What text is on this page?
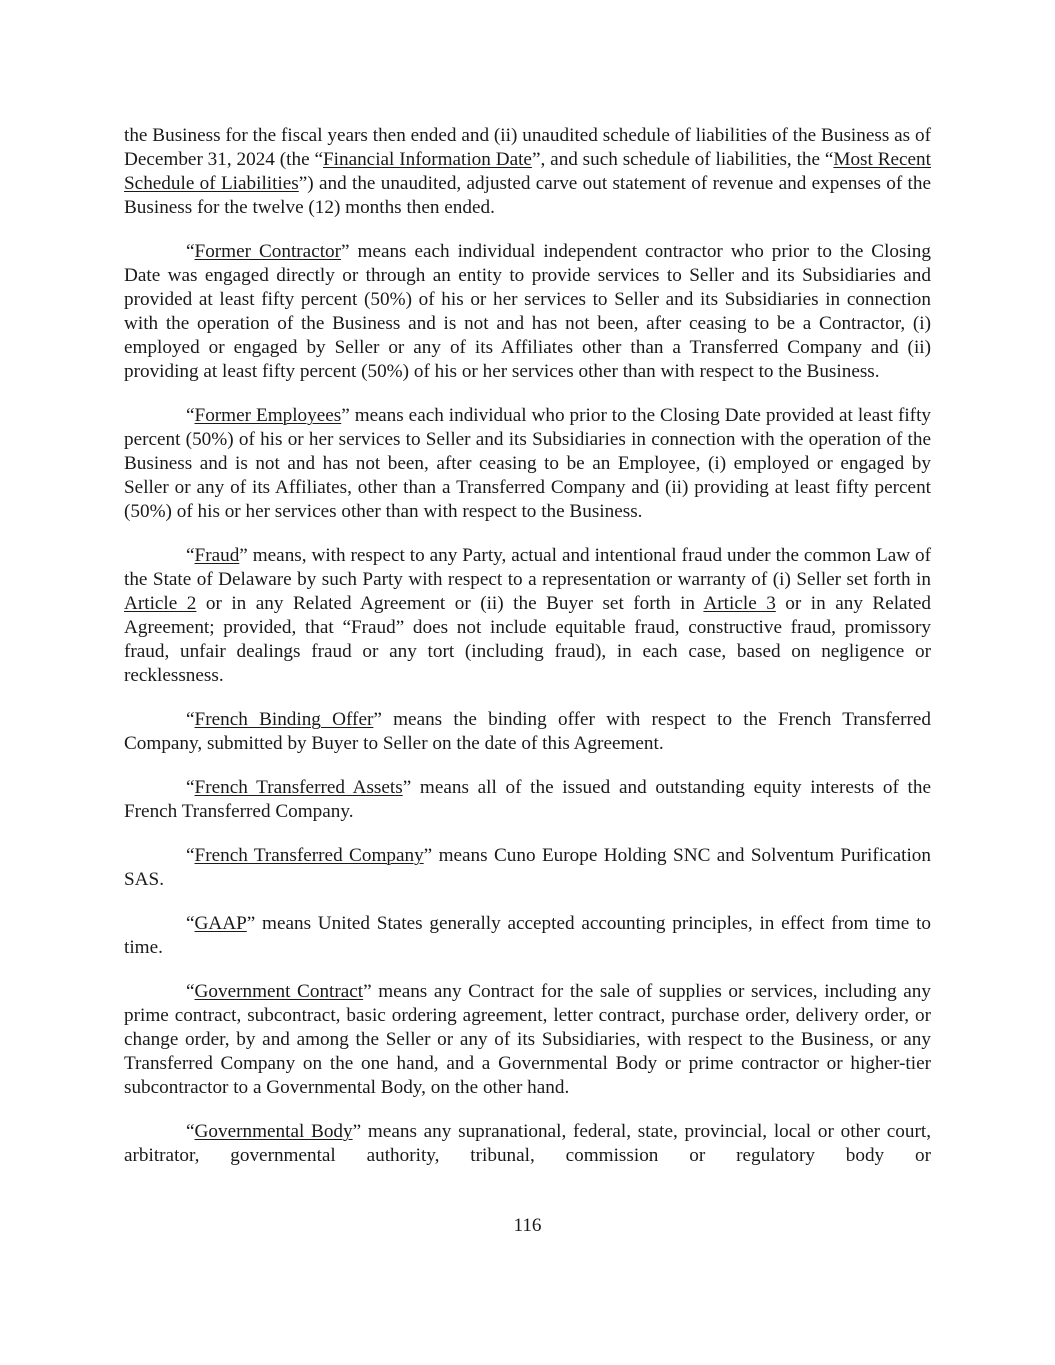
the Business for the fiscal years then ended and (ii) unaudited schedule of liabilities of the Business as of December 31, 2024 (the “Financial Information Date”, and such schedule of liabilities, the “Most Recent Schedule of Liabilities”) and the unaudited, adjusted carve out statement of revenue and expenses of the Business for the twelve (12) months then ended.

“Former Contractor” means each individual independent contractor who prior to the Closing Date was engaged directly or through an entity to provide services to Seller and its Subsidiaries and provided at least fifty percent (50%) of his or her services to Seller and its Subsidiaries in connection with the operation of the Business and is not and has not been, after ceasing to be a Contractor, (i) employed or engaged by Seller or any of its Affiliates other than a Transferred Company and (ii) providing at least fifty percent (50%) of his or her services other than with respect to the Business.

“Former Employees” means each individual who prior to the Closing Date provided at least fifty percent (50%) of his or her services to Seller and its Subsidiaries in connection with the operation of the Business and is not and has not been, after ceasing to be an Employee, (i) employed or engaged by Seller or any of its Affiliates, other than a Transferred Company and (ii) providing at least fifty percent (50%) of his or her services other than with respect to the Business.

“Fraud” means, with respect to any Party, actual and intentional fraud under the common Law of the State of Delaware by such Party with respect to a representation or warranty of (i) Seller set forth in Article 2 or in any Related Agreement or (ii) the Buyer set forth in Article 3 or in any Related Agreement; provided, that “Fraud” does not include equitable fraud, constructive fraud, promissory fraud, unfair dealings fraud or any tort (including fraud), in each case, based on negligence or recklessness.

“French Binding Offer” means the binding offer with respect to the French Transferred Company, submitted by Buyer to Seller on the date of this Agreement.

“French Transferred Assets” means all of the issued and outstanding equity interests of the French Transferred Company.

“French Transferred Company” means Cuno Europe Holding SNC and Solventum Purification SAS.

“GAAP” means United States generally accepted accounting principles, in effect from time to time.

“Government Contract” means any Contract for the sale of supplies or services, including any prime contract, subcontract, basic ordering agreement, letter contract, purchase order, delivery order, or change order, by and among the Seller or any of its Subsidiaries, with respect to the Business, or any Transferred Company on the one hand, and a Governmental Body or prime contractor or higher-tier subcontractor to a Governmental Body, on the other hand.

“Governmental Body” means any supranational, federal, state, provincial, local or other court, arbitrator, governmental authority, tribunal, commission or regulatory body or

116
